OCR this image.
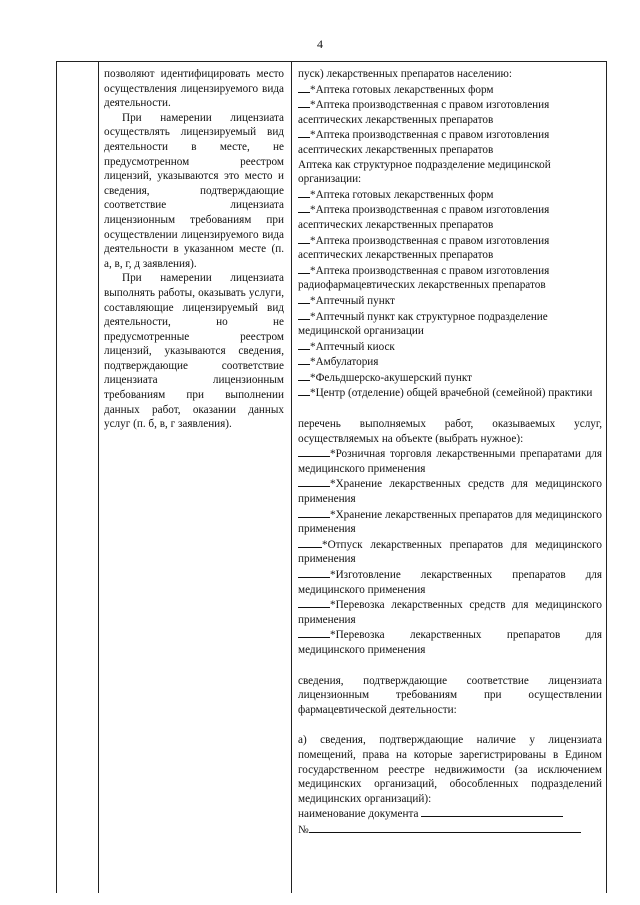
4

позволяют идентифицировать место осуществления лицензируемого вида деятельности.

При намерении лицензиата осуществлять лицензируемый вид деятельности в месте, не предусмотренном реестром лицензий, указываются это место и сведения, подтверждающие соответствие лицензиата лицензионным требованиям при осуществлении лицензируемого вида деятельности в указанном месте (п. а, в, г, д заявления).

При намерении лицензиата выполнять работы, оказывать услуги, составляющие лицензируемый вид деятельности, но не предусмотренные реестром лицензий, указываются сведения, подтверждающие соответствие лицензиата лицензионным требованиям при выполнении данных работ, оказании данных услуг (п. б, в, г заявления).

пуск) лекарственных препаратов населению:

*Аптека готовых лекарственных форм

*Аптека производственная с правом изготовления асептических лекарственных препаратов

*Аптека производственная с правом изготовления асептических лекарственных препаратов

Аптека как структурное подразделение медицинской организации:

*Аптека готовых лекарственных форм

*Аптека производственная с правом изготовления асептических лекарственных препаратов

*Аптека производственная с правом изготовления асептических лекарственных препаратов

*Аптека производственная с правом изготовления радиофармацевтических лекарственных препаратов

*Аптечный пункт

*Аптечный пункт как структурное подразделение медицинской организации

*Аптечный киоск

*Амбулатория

*Фельдшерско-акушерский пункт

*Центр (отделение) общей врачебной (семейной) практики

перечень выполняемых работ, оказываемых услуг, осуществляемых на объекте (выбрать нужное):

*Розничная торговля лекарственными препаратами для медицинского применения

*Хранение лекарственных средств для медицинского применения

*Хранение лекарственных препаратов для медицинского применения

*Отпуск лекарственных препаратов для медицинского применения

*Изготовление лекарственных препаратов для медицинского применения

*Перевозка лекарственных средств для медицинского применения

*Перевозка лекарственных препаратов для медицинского применения

сведения, подтверждающие соответствие лицензиата лицензионным требованиям при осуществлении фармацевтической деятельности:

а) сведения, подтверждающие наличие у лицензиата помещений, права на которые зарегистрированы в Едином государственном реестре недвижимости (за исключением медицинских организаций, обособленных подразделений медицинских организаций):

наименование документа

№
